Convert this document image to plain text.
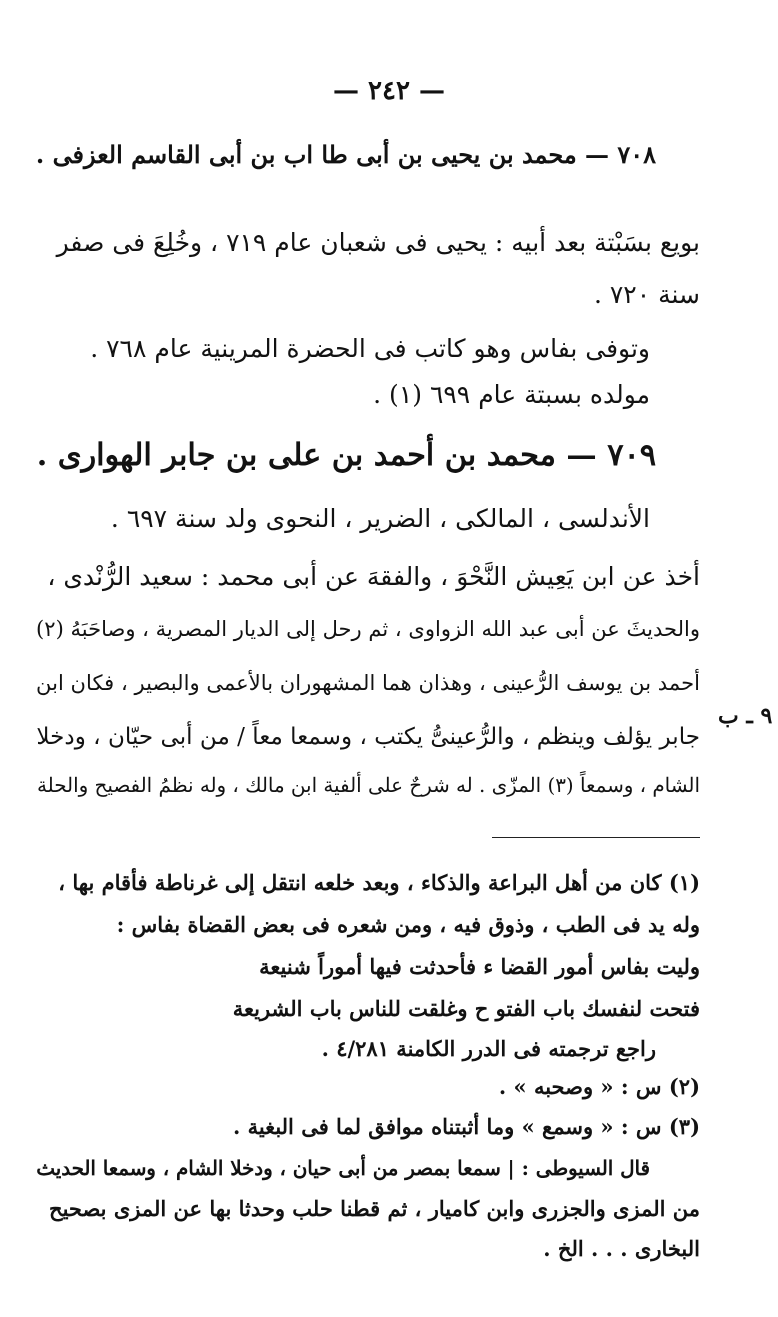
— ٢٤٢ —
٧٠٨ — محمد بن يحيى بن أبى طا اب بن أبى القاسم العزفى .
بويع بسَبْتة بعد أبيه : يحيى فى شعبان عام ٧١٩ ، وخُلِعَ فى صفر
سنة ٧٢٠ .
وتوفى بفاس وهو كاتب فى الحضرة المرينية عام ٧٦٨ .
مولده بسبتة عام ٦٩٩ (١) .
٧٠٩ — محمد بن أحمد بن على بن جابر الهوارى .
الأندلسى ، المالكى ، الضرير ، النحوى ولد سنة ٦٩٧ .
أخذ عن ابن يَعِيش النَّحْوَ ، والفقهَ عن أبى محمد : سعيد الرُّنْدى ،
والحديثَ عن أبى عبد الله الزواوى ، ثم رحل إلى الديار المصرية ، وصاحَبَهُ (٢)
أحمد بن يوسف الرُّعينى ، وهذان هما المشهوران بالأعمى والبصير ، فكان ابن
جابر يؤلف وينظم ، والرُّعينىُّ يكتب ، وسمعا معاً / من أبى حيّان ، ودخلا
الشام ، وسمعاً (٣) المزّى . له شرحٌ على ألفية ابن مالك ، وله نظمُ الفصيح والحلة
٩ ـ ب
(١) كان من أهل البراعة والذكاء ، وبعد خلعه انتقل إلى غرناطة فأقام بها ،
وله يد فى الطب ، وذوق فيه ، ومن شعره فى بعض القضاة بفاس :
وليت بفاس أمور القضا ء فأحدثت فيها أموراً شنيعة
فتحت لنفسك باب الفتو ح وغلقت للناس باب الشريعة
راجع ترجمته فى الدرر الكامنة ٤/٢٨١ .
(٢) س : « وصحبه » .
(٣) س : « وسمع » وما أثبتناه موافق لما فى البغية .
قال السيوطى : | سمعا بمصر من أبى حيان ، ودخلا الشام ، وسمعا الحديث
من المزى والجزرى وابن كاميار ، ثم قطنا حلب وحدثا بها عن المزى بصحيح
البخارى . . . الخ .
